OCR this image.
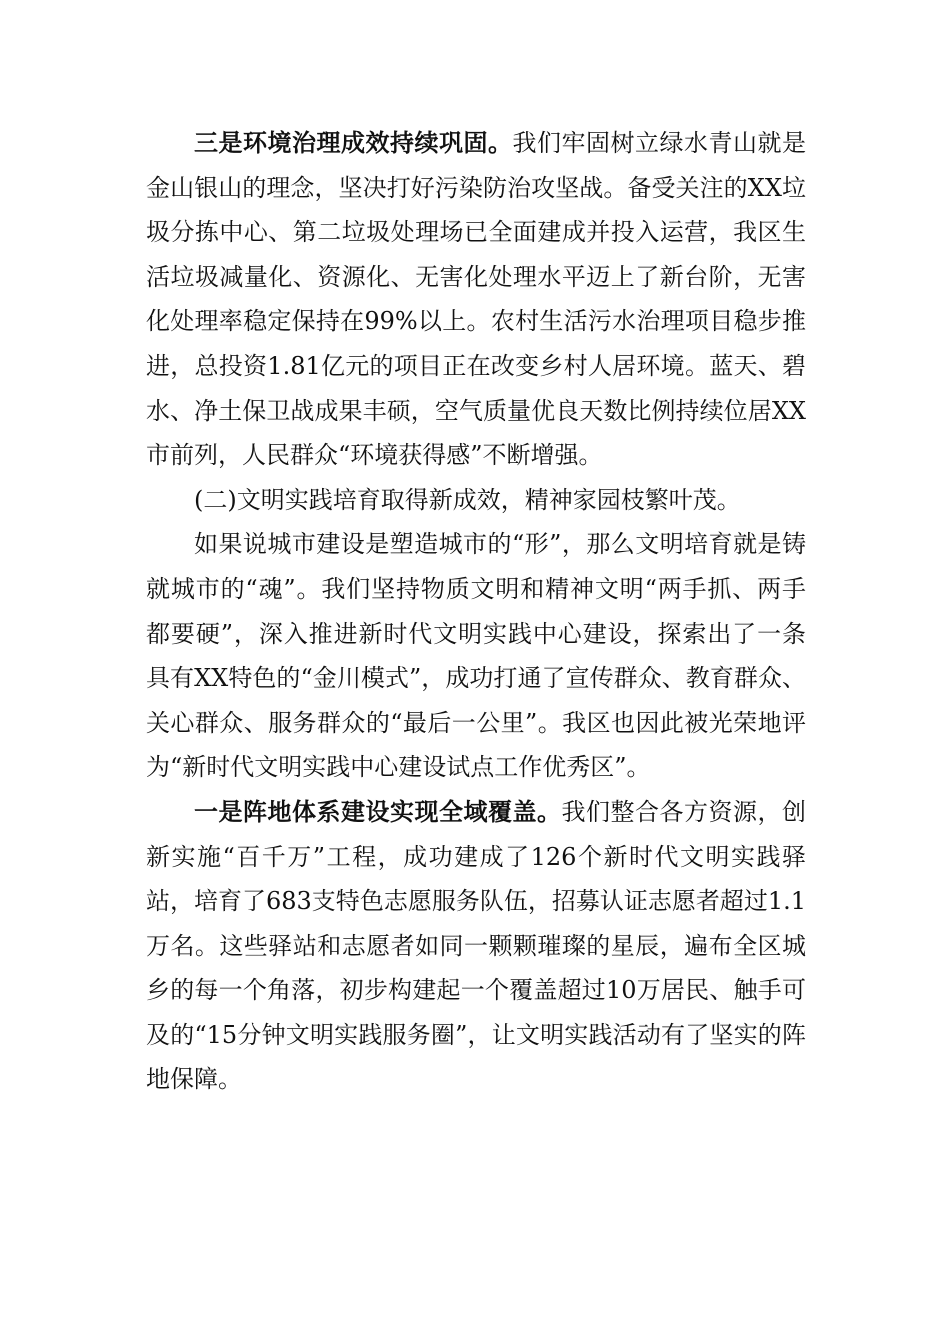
三是环境治理成效持续巩固。我们牢固树立绿水青山就是金山银山的理念，坚决打好污染防治攻坚战。备受关注的XX垃圾分拣中心、第二垃圾处理场已全面建成并投入运营，我区生活垃圾减量化、资源化、无害化处理水平迈上了新台阶，无害化处理率稳定保持在99%以上。农村生活污水治理项目稳步推进，总投资1.81亿元的项目正在改变乡村人居环境。蓝天、碧水、净土保卫战成果丰硕，空气质量优良天数比例持续位居XX市前列，人民群众“环境获得感”不断增强。

(二)文明实践培育取得新成效，精神家园枝繁叶茂。

如果说城市建设是塑造城市的“形”，那么文明培育就是铸就城市的“魂”。我们坚持物质文明和精神文明“两手抓、两手都要硬”，深入推进新时代文明实践中心建设，探索出了一条具有XX特色的“金川模式”，成功打通了宣传群众、教育群众、关心群众、服务群众的“最后一公里”。我区也因此被光荣地评为“新时代文明实践中心建设试点工作优秀区”。

一是阵地体系建设实现全域覆盖。我们整合各方资源，创新实施“百千万”工程，成功建成了126个新时代文明实践驿站，培育了683支特色志愿服务队伍，招募认证志愿者超过1.1万名。这些驿站和志愿者如同一颗颗璀璨的星辰，遍布全区城乡的每一个角落，初步构建起一个覆盖超过10万居民、触手可及的“15分钟文明实践服务圈”，让文明实践活动有了坚实的阵地保障。
